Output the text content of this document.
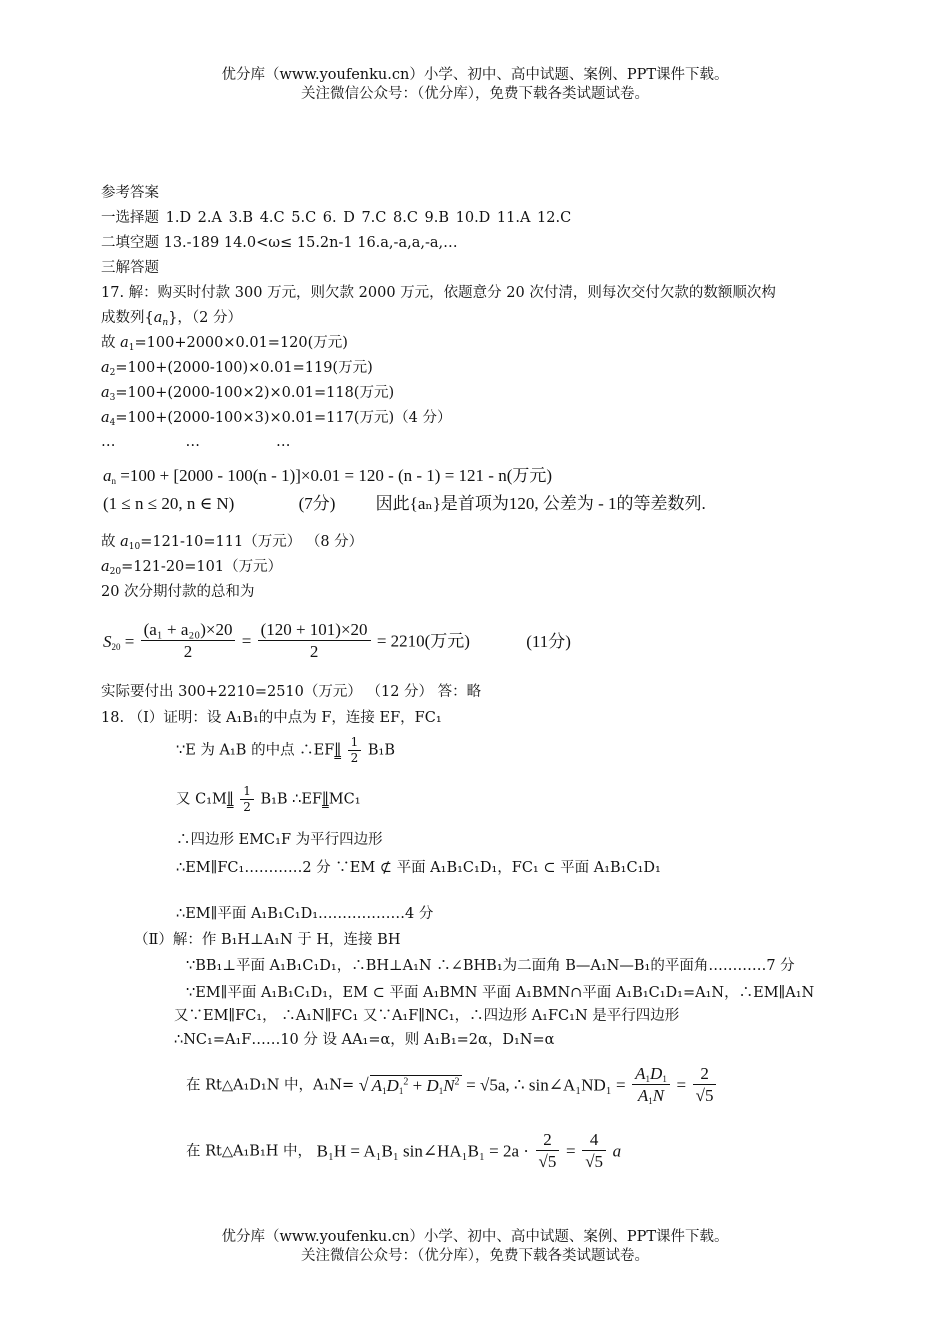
优分库（www.youfenku.cn）小学、初中、高中试题、案例、PPT课件下载。
关注微信公众号：（优分库），免费下载各类试题试卷。
参考答案
一选择题 1.D 2.A 3.B 4.C 5.C 6. D 7.C 8.C 9.B 10.D 11.A 12.C
二填空题 13.-189 14.0<ω≤ 15.2n-1 16.a,-a,a,-a,…
三解答题
17. 解：购买时付款 300 万元，则欠款 2000 万元，依题意分 20 次付清，则每次交付欠款的数额顺次构
成数列$\{a_n\}$，（2 分）
故 $a_1=100+2000\times 0.01=120$(万元)
$a_2=100+(2000-100)\times 0.01=119$(万元)
$a_3=100+(2000-100\times 2)\times 0.01=118$(万元)
$a_4=100+(2000-100\times 3)\times 0.01=117$(万元)（4 分）
…	…	…
$a_n =100 + [2000 - 100(n - 1)]\times 0.01 = 120 - (n - 1) = 121 - n$(万元)
(1 ≤ n ≤ 20, n ∈ N)	(7分) 因此{aₙ}是首项为120, 公差为 - 1的等差数列.
故 $a_{10}=121-10=111$（万元） （8 分）
$a_{20}=121-20=101$（万元）
20 次分期付款的总和为
$S_{20} = \frac{\text{(a₁ + a₂₀)×20}}{2} = \frac{(120 + 101)\times 20}{2} = 2210$(万元)	(11分)
实际要付出 300+2210=2510（万元） （12 分） 答：略
18. （Ⅰ）证明：设 A₁B₁的中点为 F，连接 EF，FC₁
∵E 为 A₁B 的中点 ∴EF∥ $\frac{1}{2} B_1B$
又 C₁M∥ $\frac{1}{2} B_1B$ ∴EF∥MC₁
∴四边形 EMC₁F 为平行四边形
∴EM∥FC₁…………2 分 ∵EM ⊄ 平面 A₁B₁C₁D₁，FC₁ ⊂ 平面 A₁B₁C₁D₁
∴EM∥平面 A₁B₁C₁D₁………………4 分
（Ⅱ）解：作 B₁H⊥A₁N 于 H，连接 BH
∵BB₁⊥平面 A₁B₁C₁D₁，∴BH⊥A₁N ∴∠BHB₁为二面角 B—A₁N—B₁的平面角…………7 分
∵EM∥平面 A₁B₁C₁D₁，EM ⊂ 平面 A₁BMN 平面 A₁BMN∩平面 A₁B₁C₁D₁=A₁N，∴EM∥A₁N
又∵EM∥FC₁， ∴A₁N∥FC₁ 又∵A₁F∥NC₁，∴四边形 A₁FC₁N 是平行四边形
∴NC₁=A₁F……10 分 设 AA₁=α，则 A₁B₁=2α，D₁N=α
在 Rt△A₁D₁N 中，A₁N= √ $A_1D_1^2 + D_1N^2 = √5a$, ∴ sin∠A₁ND₁ = $\frac{A_1D_1}{A_1N} = \frac{2}{√5}$
在 Rt△A₁B₁H 中， B₁H = A₁B₁ sin∠HA₁B₁ = $2a \cdot \frac{2}{√5} = \frac{4}{√5}$ a
优分库（www.youfenku.cn）小学、初中、高中试题、案例、PPT课件下载。
关注微信公众号：（优分库），免费下载各类试题试卷。
